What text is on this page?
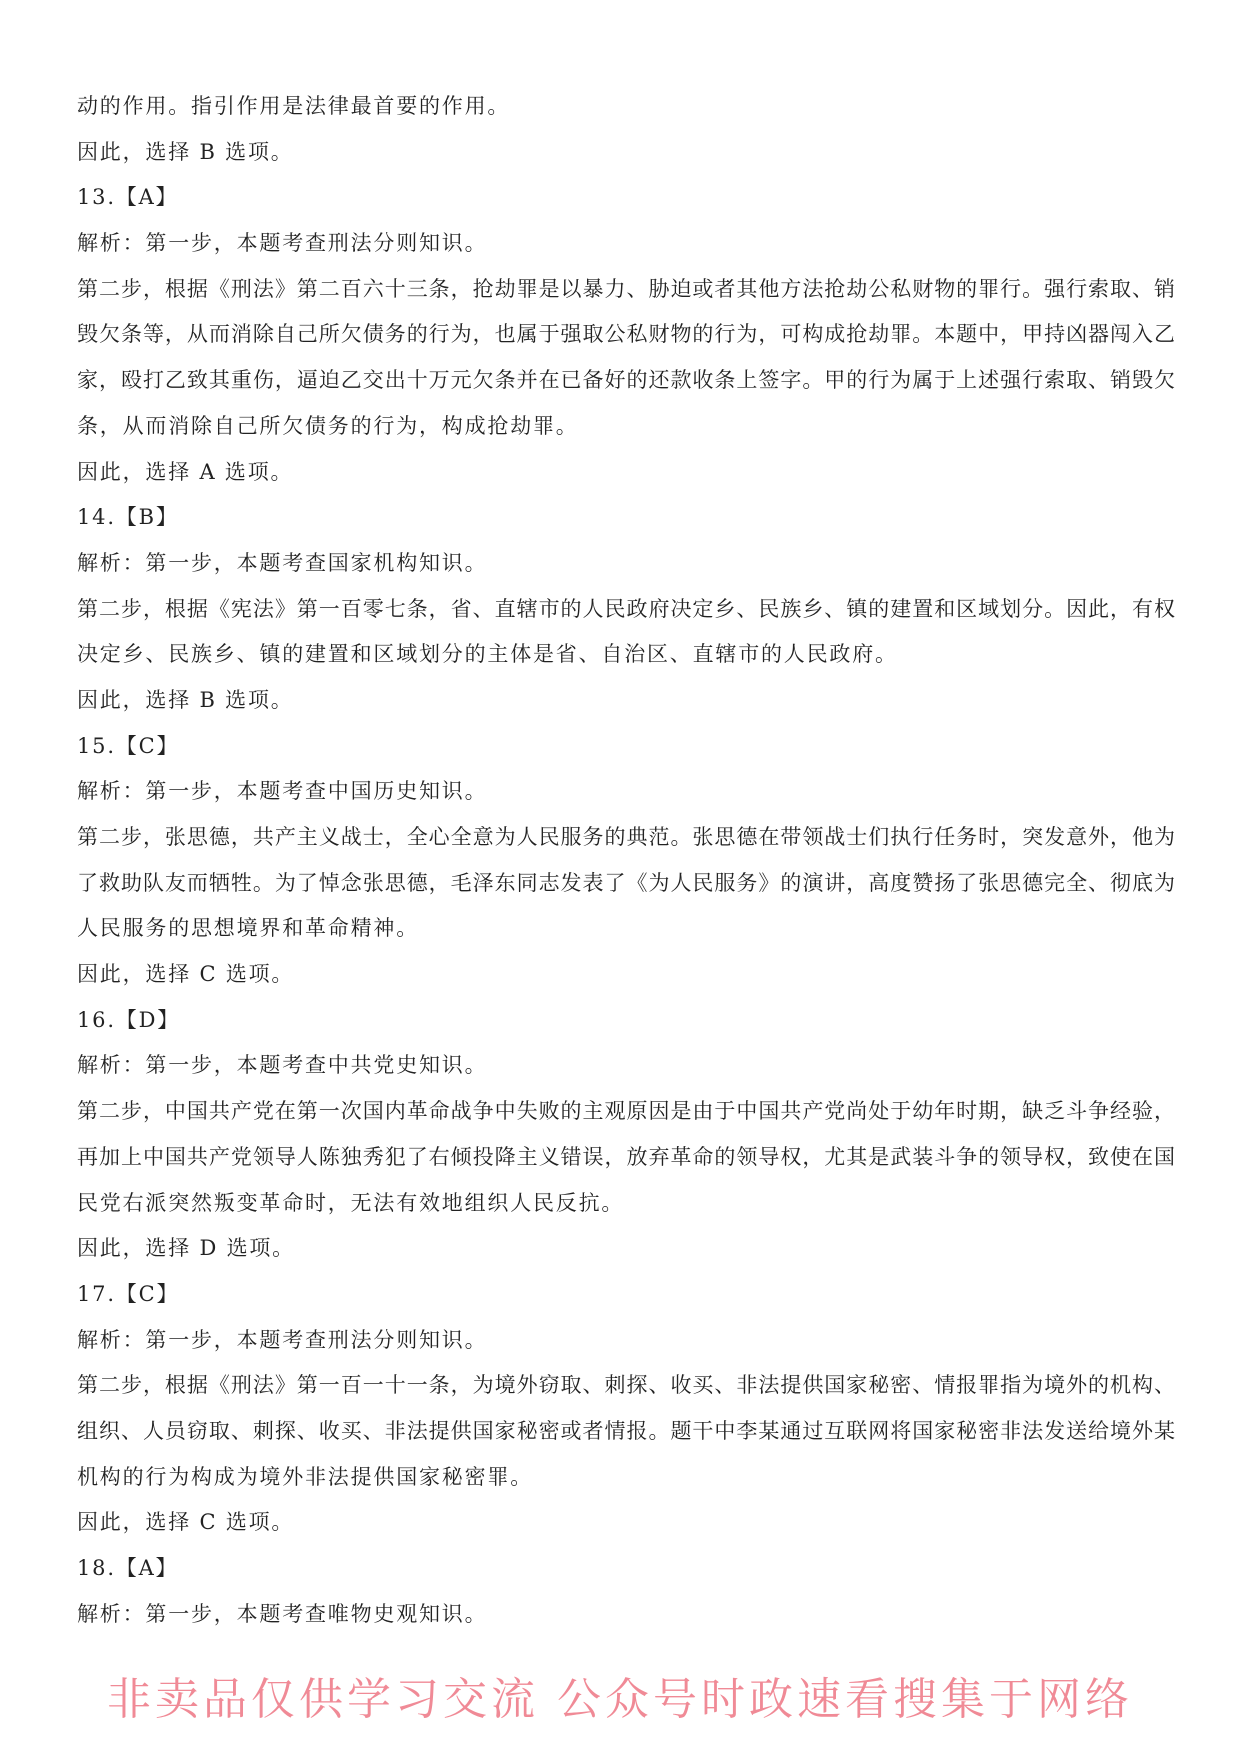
动的作用。指引作用是法律最首要的作用。
因此，选择 B 选项。
13.【A】
解析：第一步，本题考查刑法分则知识。
第二步，根据《刑法》第二百六十三条，抢劫罪是以暴力、胁迫或者其他方法抢劫公私财物的罪行。强行索取、销
毁欠条等，从而消除自己所欠债务的行为，也属于强取公私财物的行为，可构成抢劫罪。本题中，甲持凶器闯入乙
家，殴打乙致其重伤，逼迫乙交出十万元欠条并在已备好的还款收条上签字。甲的行为属于上述强行索取、销毁欠
条，从而消除自己所欠债务的行为，构成抢劫罪。
因此，选择 A 选项。
14.【B】
解析：第一步，本题考查国家机构知识。
第二步，根据《宪法》第一百零七条，省、直辖市的人民政府决定乡、民族乡、镇的建置和区域划分。因此，有权
决定乡、民族乡、镇的建置和区域划分的主体是省、自治区、直辖市的人民政府。
因此，选择 B 选项。
15.【C】
解析：第一步，本题考查中国历史知识。
第二步，张思德，共产主义战士，全心全意为人民服务的典范。张思德在带领战士们执行任务时，突发意外，他为
了救助队友而牺牲。为了悼念张思德，毛泽东同志发表了《为人民服务》的演讲，高度赞扬了张思德完全、彻底为
人民服务的思想境界和革命精神。
因此，选择 C 选项。
16.【D】
解析：第一步，本题考查中共党史知识。
第二步，中国共产党在第一次国内革命战争中失败的主观原因是由于中国共产党尚处于幼年时期，缺乏斗争经验，
再加上中国共产党领导人陈独秀犯了右倾投降主义错误，放弃革命的领导权，尤其是武装斗争的领导权，致使在国
民党右派突然叛变革命时，无法有效地组织人民反抗。
因此，选择 D 选项。
17.【C】
解析：第一步，本题考查刑法分则知识。
第二步，根据《刑法》第一百一十一条，为境外窃取、刺探、收买、非法提供国家秘密、情报罪指为境外的机构、
组织、人员窃取、刺探、收买、非法提供国家秘密或者情报。题干中李某通过互联网将国家秘密非法发送给境外某
机构的行为构成为境外非法提供国家秘密罪。
因此，选择 C 选项。
18.【A】
解析：第一步，本题考查唯物史观知识。
非卖品仅供学习交流 公众号时政速看搜集于网络
